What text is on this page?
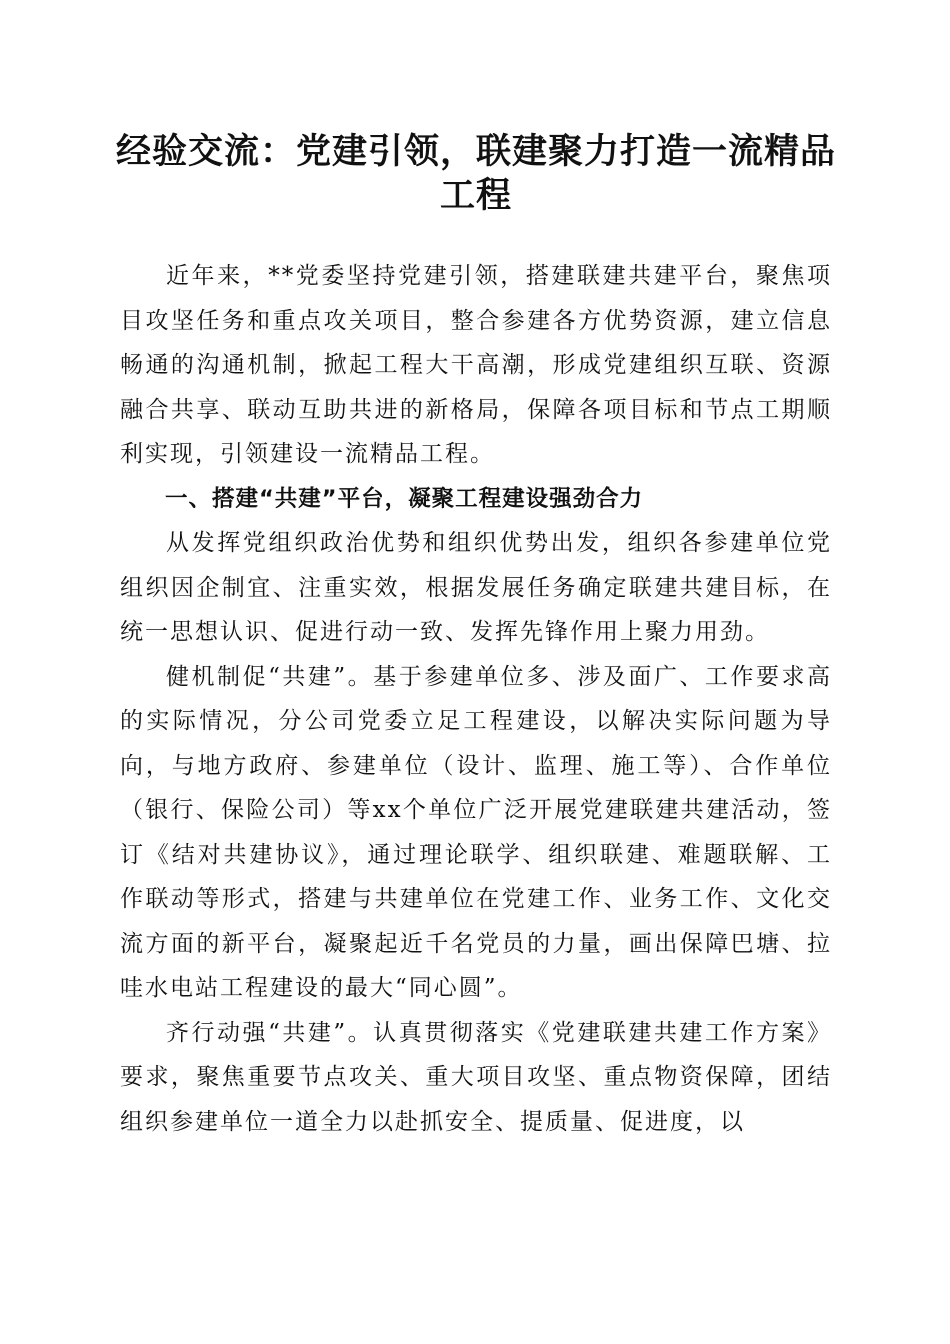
经验交流：党建引领，联建聚力打造一流精品工程

近年来，**党委坚持党建引领，搭建联建共建平台，聚焦项目攻坚任务和重点攻关项目，整合参建各方优势资源，建立信息畅通的沟通机制，掀起工程大干高潮，形成党建组织互联、资源融合共享、联动互助共进的新格局，保障各项目标和节点工期顺利实现，引领建设一流精品工程。

一、搭建“共建”平台，凝聚工程建设强劲合力

从发挥党组织政治优势和组织优势出发，组织各参建单位党组织因企制宜、注重实效，根据发展任务确定联建共建目标，在统一思想认识、促进行动一致、发挥先锋作用上聚力用劲。

健机制促“共建”。基于参建单位多、涉及面广、工作要求高的实际情况，分公司党委立足工程建设，以解决实际问题为导向，与地方政府、参建单位（设计、监理、施工等）、合作单位（银行、保险公司）等xx个单位广泛开展党建联建共建活动，签订《结对共建协议》，通过理论联学、组织联建、难题联解、工作联动等形式，搭建与共建单位在党建工作、业务工作、文化交流方面的新平台，凝聚起近千名党员的力量，画出保障巴塘、拉哇水电站工程建设的最大“同心圆”。

齐行动强“共建”。认真贯彻落实《党建联建共建工作方案》要求，聚焦重要节点攻关、重大项目攻坚、重点物资保障，团结组织参建单位一道全力以赴抓安全、提质量、促进度，以
